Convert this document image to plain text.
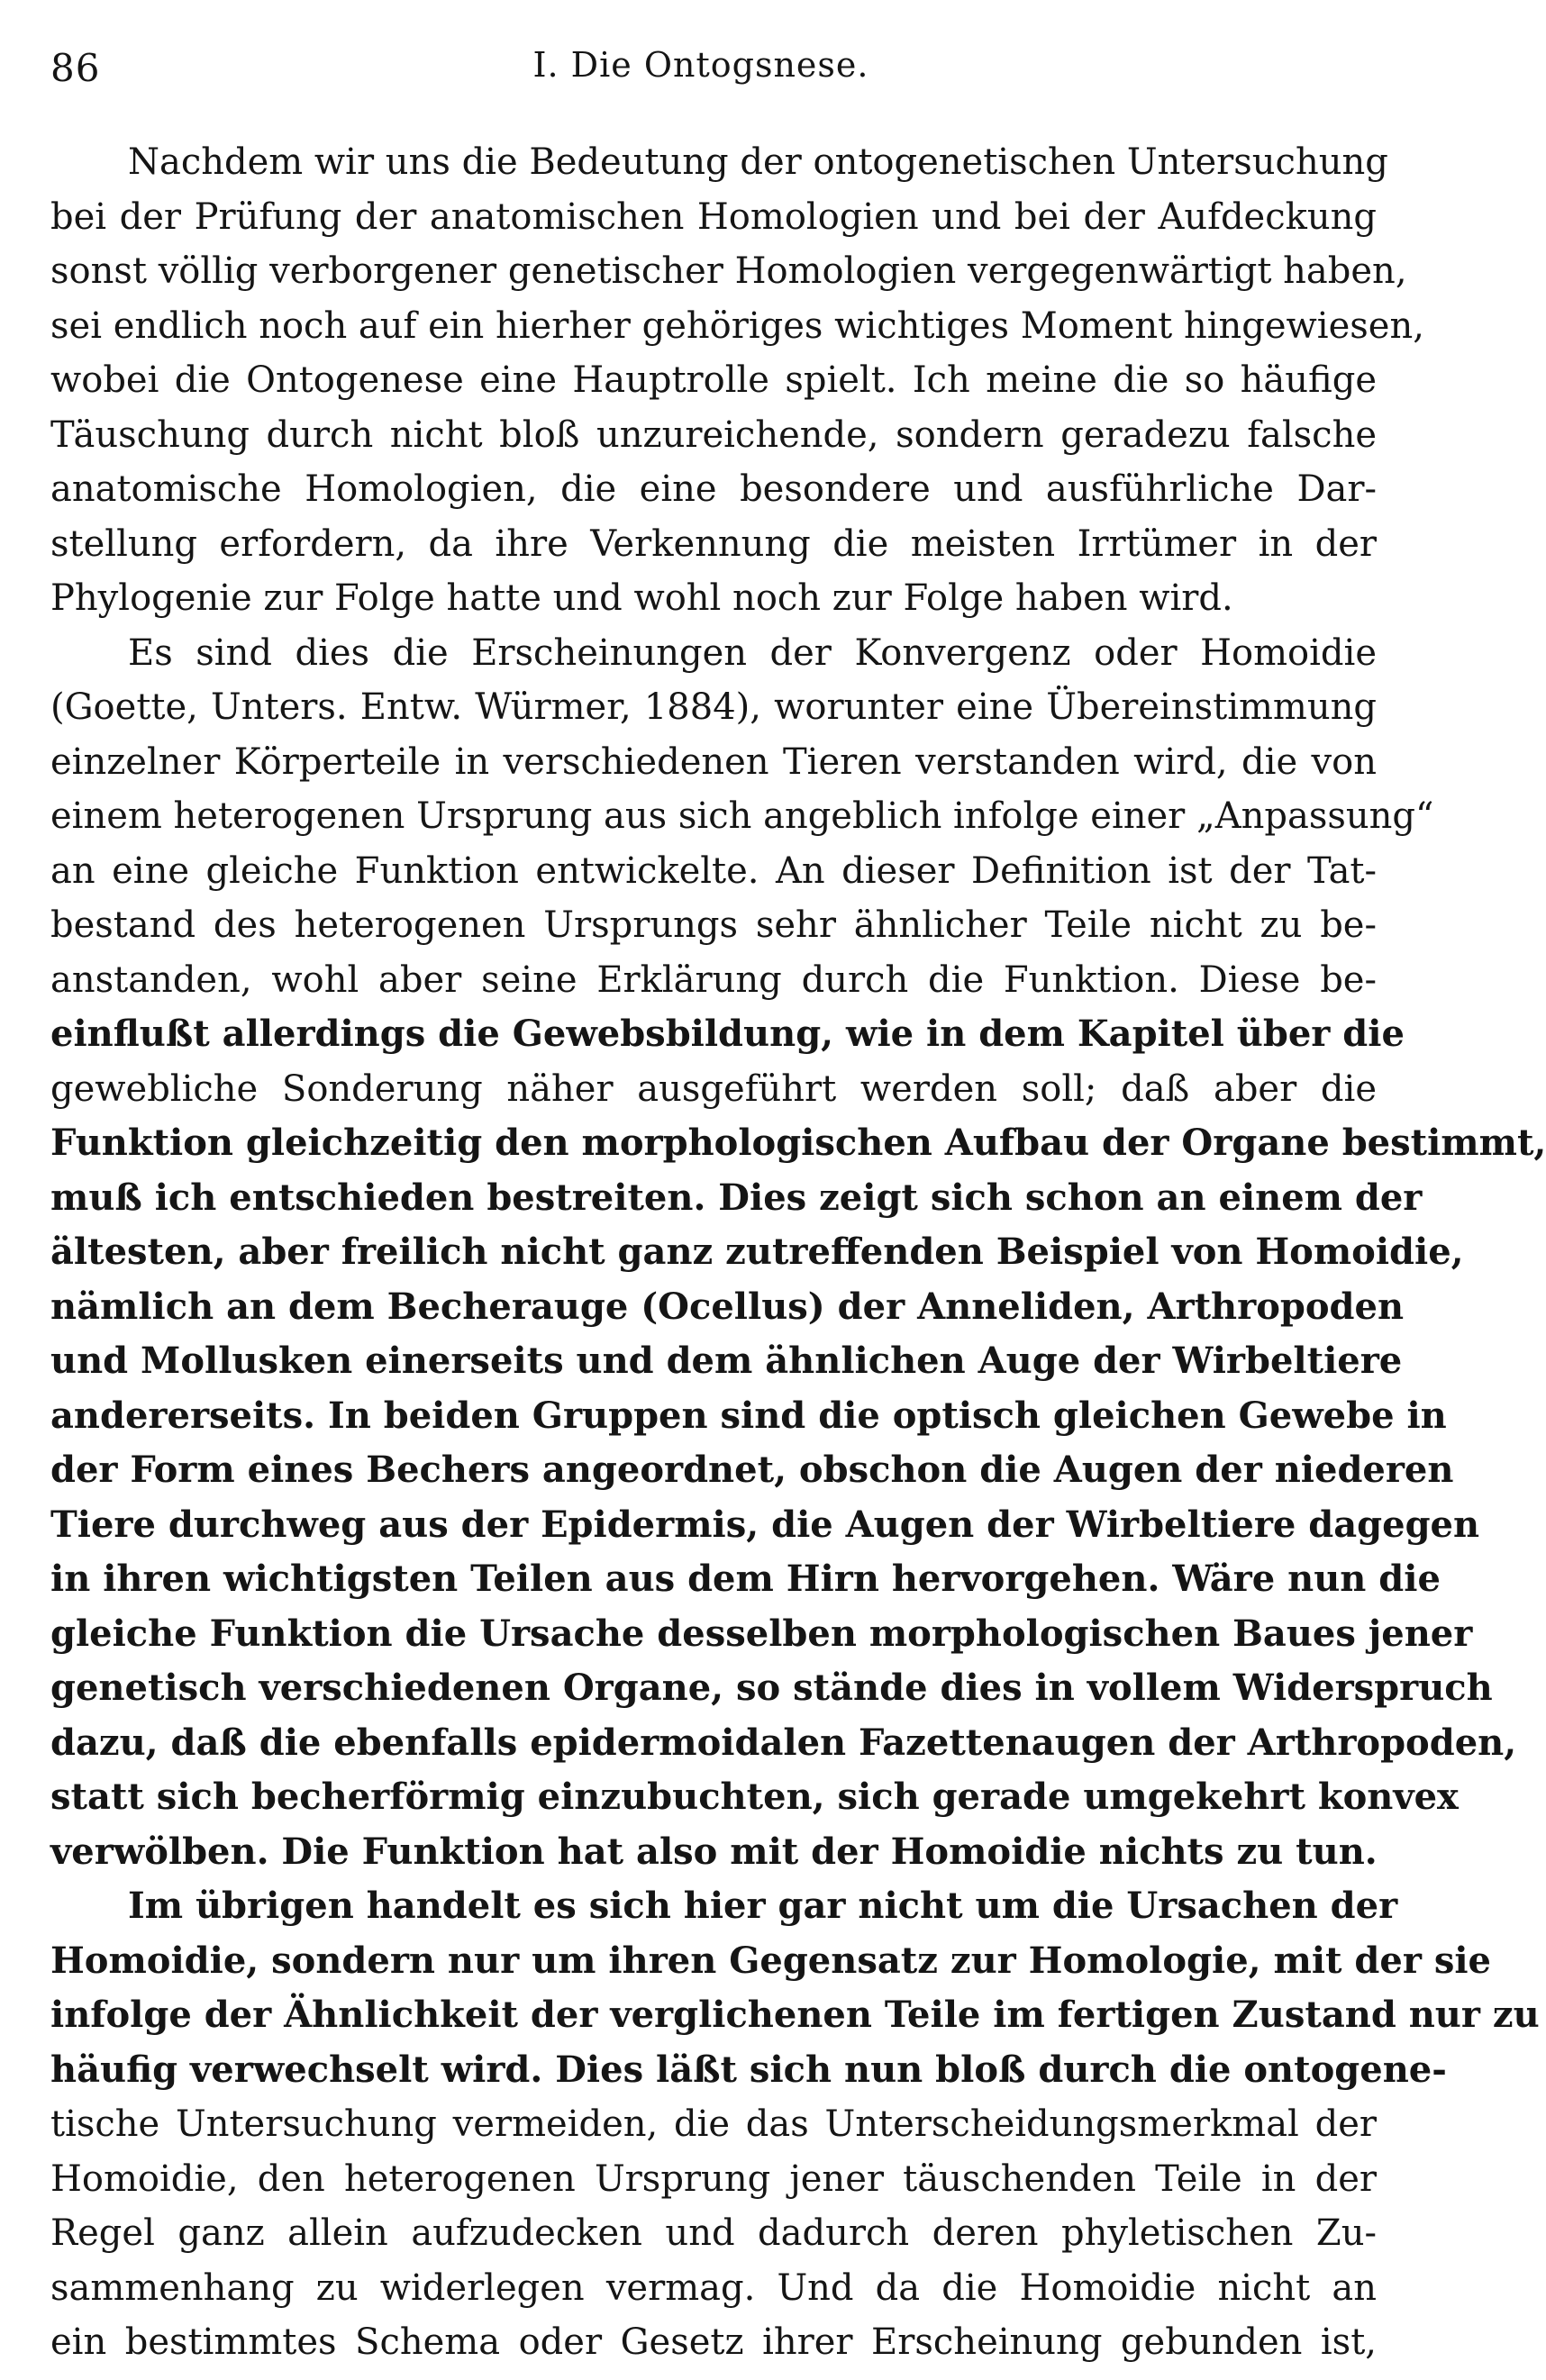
86	I. Die Ontogsnese.
Nachdem wir uns die Bedeutung der ontogenetischen Untersuchung
bei der Prüfung der anatomischen Homologien und bei der Aufdeckung
sonst völlig verborgener genetischer Homologien vergegenwärtigt haben,
sei endlich noch auf ein hierher gehöriges wichtiges Moment hingewiesen,
wobei die Ontogenese eine Hauptrolle spielt. Ich meine die so häufige
Täuschung durch nicht bloß unzureichende, sondern geradezu falsche
anatomische Homologien, die eine besondere und ausführliche Dar-
stellung erfordern, da ihre Verkennung die meisten Irrtümer in der
Phylogenie zur Folge hatte und wohl noch zur Folge haben wird.
Es sind dies die Erscheinungen der Konvergenz oder Homoidie
(Goette, Unters. Entw. Würmer, 1884), worunter eine Übereinstimmung
einzelner Körperteile in verschiedenen Tieren verstanden wird, die von
einem heterogenen Ursprung aus sich angeblich infolge einer „Anpassung“
an eine gleiche Funktion entwickelte. An dieser Definition ist der Tat-
bestand des heterogenen Ursprungs sehr ähnlicher Teile nicht zu be-
anstanden, wohl aber seine Erklärung durch die Funktion. Diese be-
einflußt allerdings die Gewebsbildung, wie in dem Kapitel über die
gewebliche Sonderung näher ausgeführt werden soll; daß aber die
Funktion gleichzeitig den morphologischen Aufbau der Organe bestimmt,
muß ich entschieden bestreiten. Dies zeigt sich schon an einem der
ältesten, aber freilich nicht ganz zutreffenden Beispiel von Homoidie,
nämlich an dem Becherauge (Ocellus) der Anneliden, Arthropoden
und Mollusken einerseits und dem ähnlichen Auge der Wirbeltiere
andererseits. In beiden Gruppen sind die optisch gleichen Gewebe in
der Form eines Bechers angeordnet, obschon die Augen der niederen
Tiere durchweg aus der Epidermis, die Augen der Wirbeltiere dagegen
in ihren wichtigsten Teilen aus dem Hirn hervorgehen. Wäre nun die
gleiche Funktion die Ursache desselben morphologischen Baues jener
genetisch verschiedenen Organe, so stände dies in vollem Widerspruch
dazu, daß die ebenfalls epidermoidalen Fazettenaugen der Arthropoden,
statt sich becherförmig einzubuchten, sich gerade umgekehrt konvex
verwölben. Die Funktion hat also mit der Homoidie nichts zu tun.
Im übrigen handelt es sich hier gar nicht um die Ursachen der
Homoidie, sondern nur um ihren Gegensatz zur Homologie, mit der sie
infolge der Ähnlichkeit der verglichenen Teile im fertigen Zustand nur zu
häufig verwechselt wird. Dies läßt sich nun bloß durch die ontogene-
tische Untersuchung vermeiden, die das Unterscheidungsmerkmal der
Homoidie, den heterogenen Ursprung jener täuschenden Teile in der
Regel ganz allein aufzudecken und dadurch deren phyletischen Zu-
sammenhang zu widerlegen vermag. Und da die Homoidie nicht an
ein bestimmtes Schema oder Gesetz ihrer Erscheinung gebunden ist,
